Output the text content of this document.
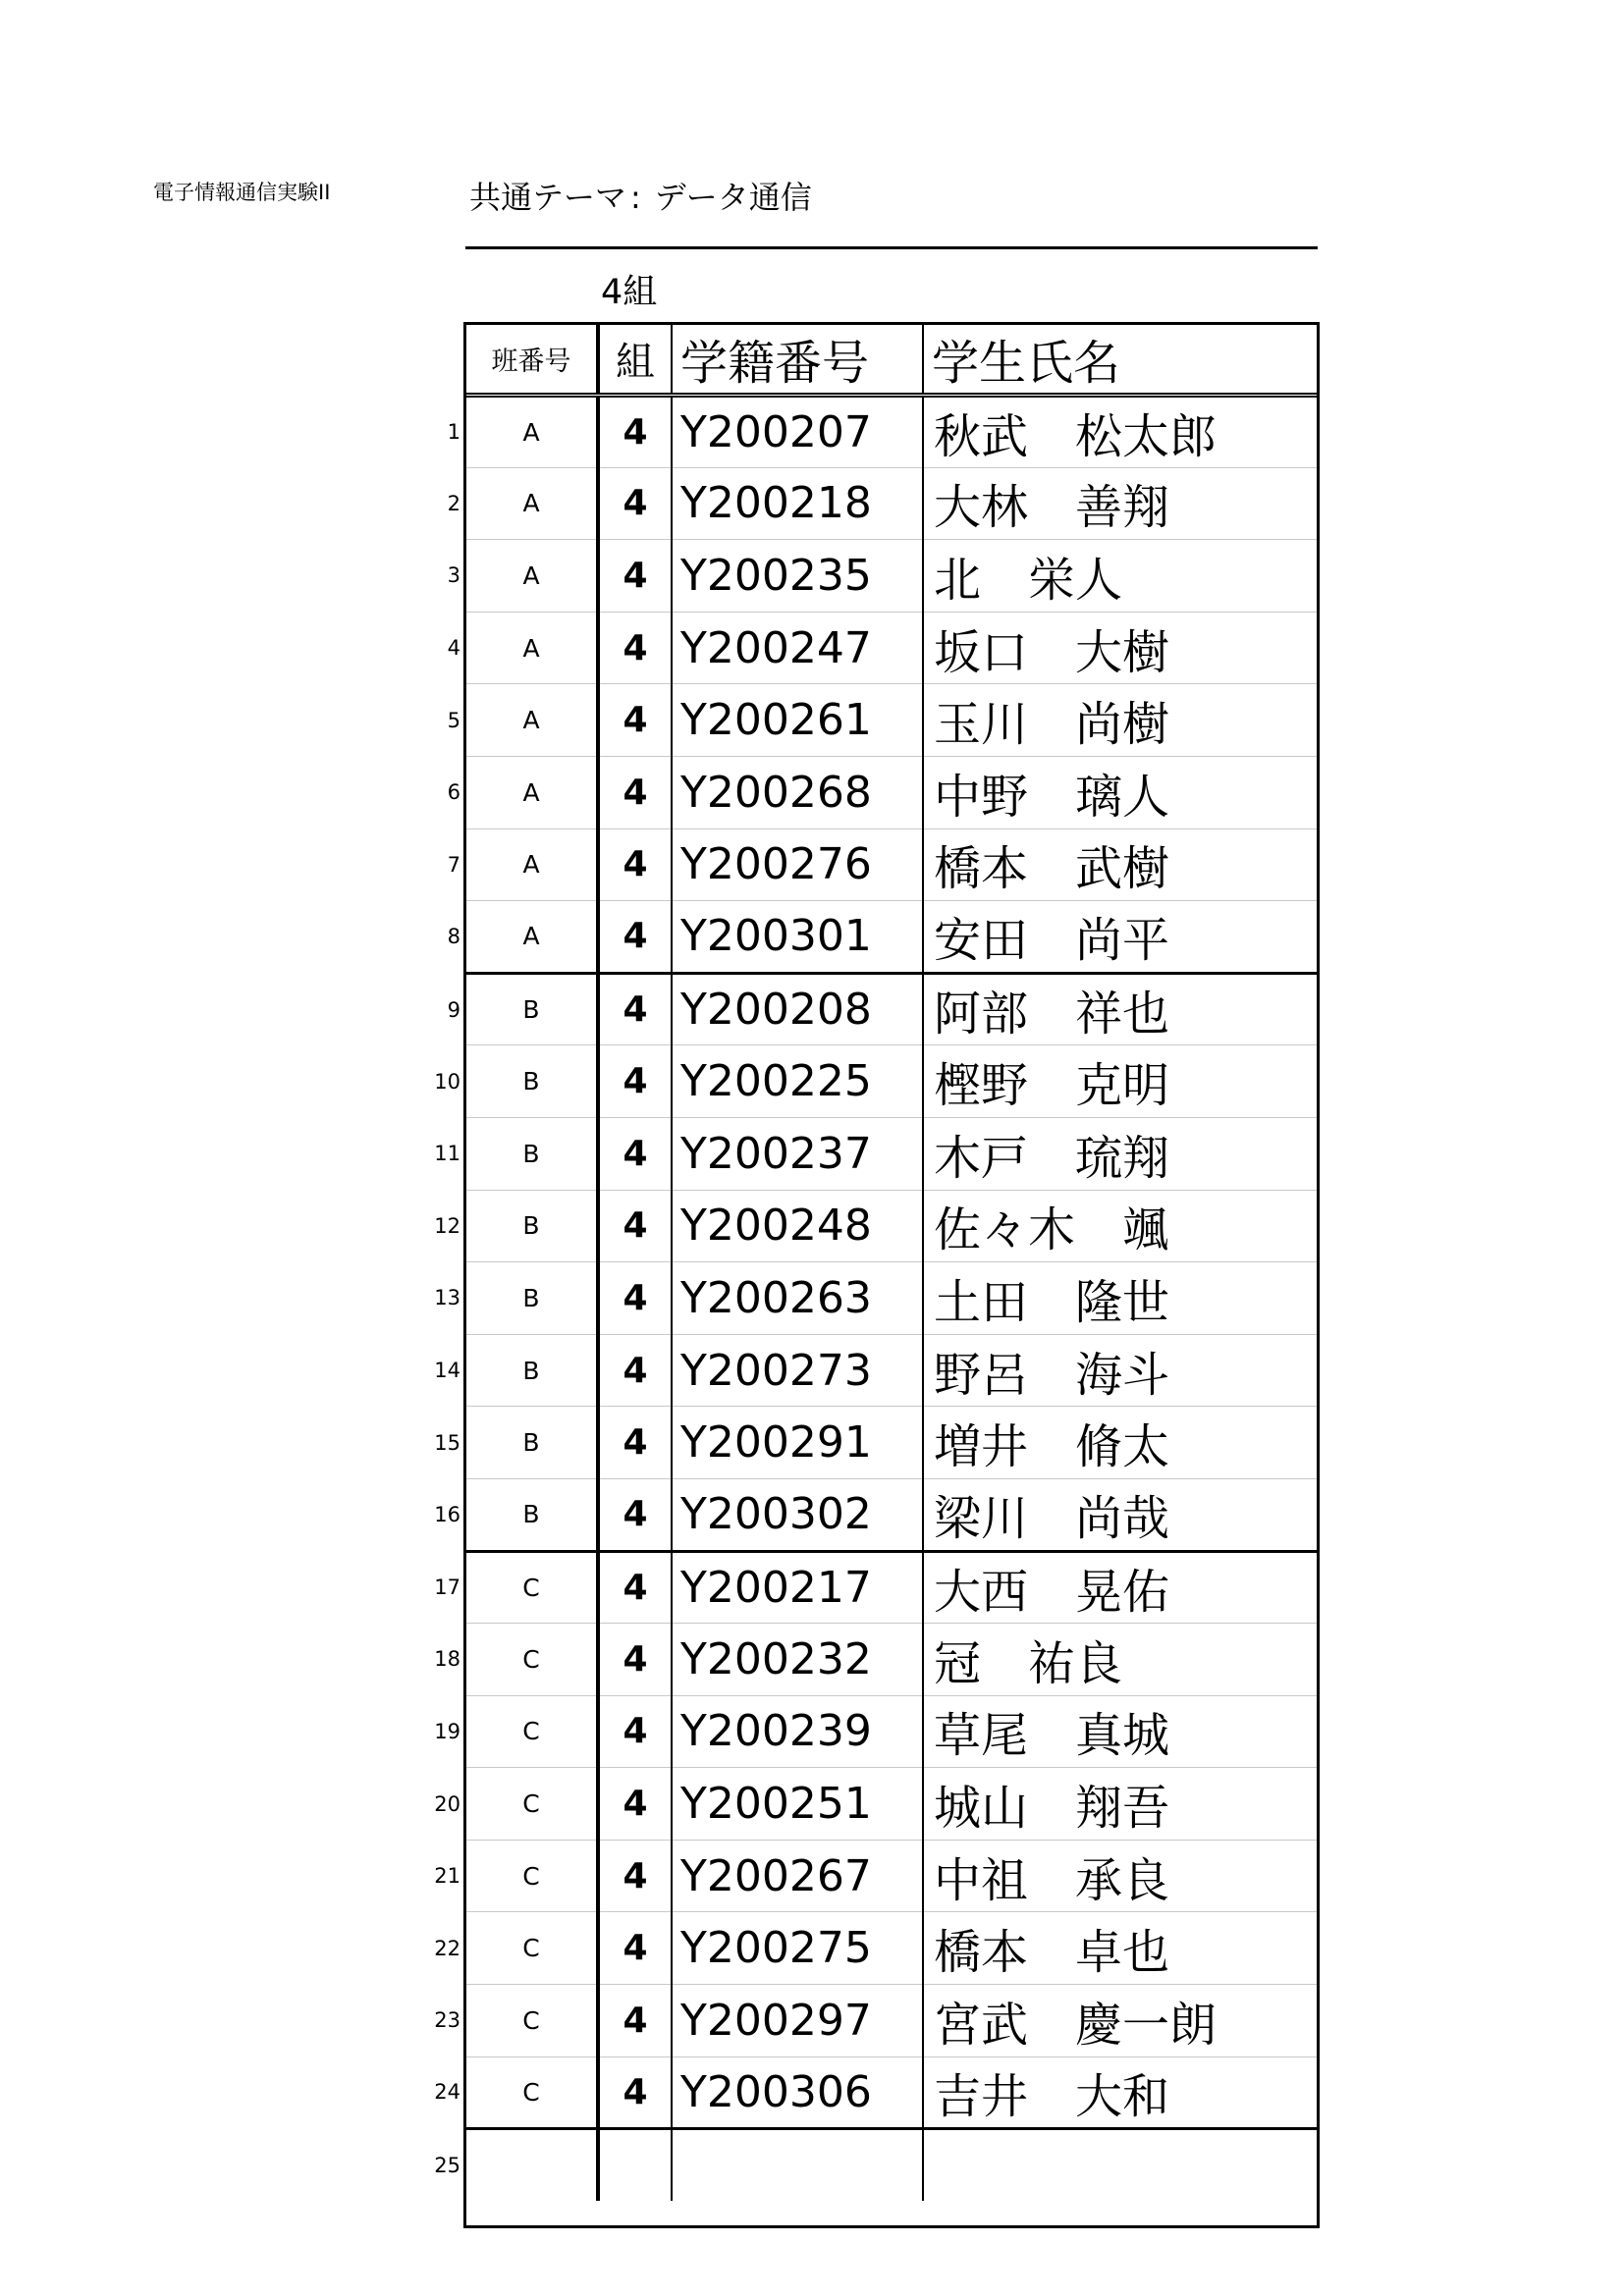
電子情報通信実験II	共通テーマ : データ通信
4組
班番号	組	学籍番号	学生氏名

1 A	4	Y200207	秋武　松太郎

2 A	4	Y200218	大林　善翔

3 A	4	Y200235	北　栄人

4 A	4	Y200247	坂口　大樹

5 A	4	Y200261	玉川　尚樹

6 A	4	Y200268	中野　璃人

7 A	4	Y200276	橋本　武樹

8 A	4	Y200301	安田　尚平

9 B	4	Y200208	阿部　祥也

10 B	4	Y200225	樫野　克明

11 B	4	Y200237	木戸　琉翔

12 B	4	Y200248	佐々木　颯

13 B	4	Y200263	土田　隆世

14 B	4	Y200273	野呂　海斗

15 B	4	Y200291	増井　脩太

16 B	4	Y200302	梁川　尚哉

17 C	4	Y200217	大西　晃佑

18 C	4	Y200232	冠　祐良

19 C	4	Y200239	草尾　真城

20 C	4	Y200251	城山　翔吾

21 C	4	Y200267	中祖　承良

22 C	4	Y200275	橋本　卓也

23 C	4	Y200297	宮武　慶一朗

24 C	4	Y200306	吉井　大和

25			
